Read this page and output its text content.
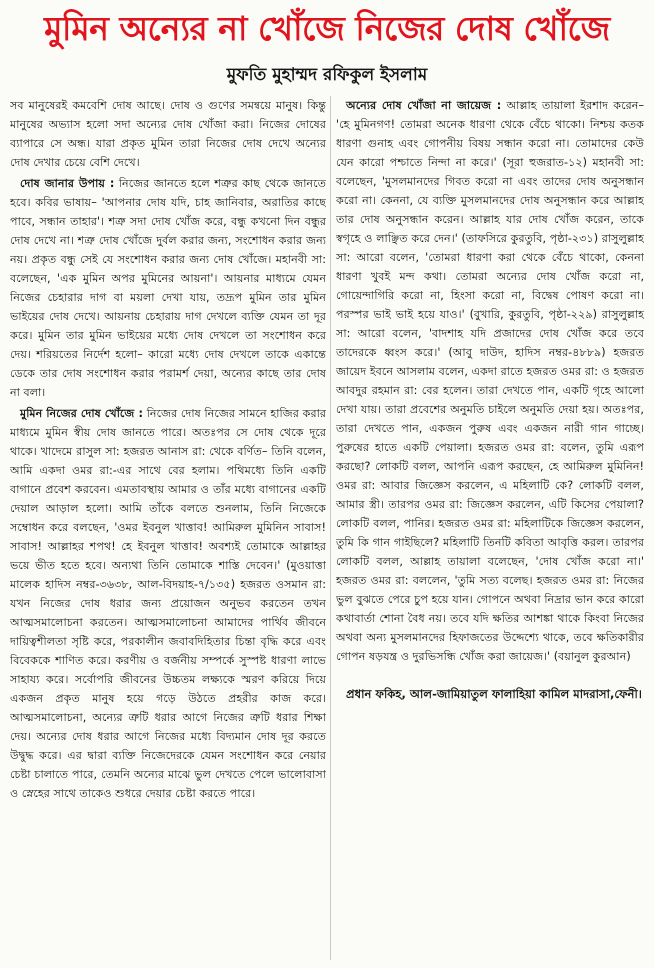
মুমিন অন্যের না খোঁজে নিজের দোষ খোঁজে
মুফতি মুহাম্মদ রফিকুল ইসলাম

সব মানুষেরই কমবেশি দোষ আছে। দোষ ও গুণের সমন্বয়ে মানুষ। কিন্তু মানুষের অভ্যাস হলো সদা অন্যের দোষ খোঁজা করা। নিজের দোষের ব্যাপারে সে অন্ধ। যারা প্রকৃত মুমিন তারা নিজের দোষ দেখে অন্যের দোষ দেখার চেয়ে বেশি দেখে।

দোষ জানার উপায় : নিজের জানতে হলে শত্রুর কাছ থেকে জানতে হবে। কবির ভাষায়– 'আপনার দোষ যদি, চাহ জানিবার, অরাতির কাছে পাবে, সন্ধান তাহার'। শত্রু সদা দোষ খোঁজ করে, বন্ধু কখনো দিন বন্ধুর দোষ দেখে না। শত্রু দোষ খোঁজে দুর্বল করার জন্য, সংশোধন করার জন্য নয়। প্রকৃত বন্ধু সেই যে সংশোধন করার জন্য দোষ খোঁজে। মহানবী সা: বলেছেন, 'এক মুমিন অপর মুমিনের আয়না'। আয়নার মাধ্যমে যেমন নিজের চেহারার দাগ বা ময়লা দেখা যায়, তদ্রূপ মুমিন তার মুমিন ভাইয়ের দোষ দেখে। আয়নায় চেহারায় দাগ দেখলে ব্যক্তি যেমন তা দূর করে। মুমিন তার মুমিন ভাইয়ের মধ্যে দোষ দেখলে তা সংশোধন করে দেয়। শরিয়তের নির্দেশ হলো– কারো মধ্যে দোষ দেখলে তাকে একান্তে ডেকে তার দোষ সংশোধন করার পরামর্শ দেয়া, অন্যের কাছে তার দোষ না বলা।

মুমিন নিজের দোষ খোঁজে : নিজের দোষ নিজের সামনে হাজির করার মাধ্যমে মুমিন স্বীয় দোষ জানতে পারে। অতঃপর সে দোষ থেকে দূরে থাকে। খাদেমে রাসুল সা: হজরত আনাস রা: থেকে বর্ণিত– তিনি বলেন, আমি একদা ওমর রা:-এর সাথে বের হলাম। পথিমধ্যে তিনি একটি বাগানে প্রবেশ করবেন। এমতাবস্থায় আমার ও তাঁর মধ্যে বাগানের একটি দেয়াল আড়াল হলো। আমি তাঁকে বলতে শুনলাম, তিনি নিজেকে সম্বোধন করে বলছেন, 'ওমর ইবনুল খাত্তাব! আমিরুল মুমিনিন সাবাস! সাবাস! আল্লাহর শপথ! হে ইবনুল খাত্তাব! অবশ্যই তোমাকে আল্লাহর ভয়ে ভীত হতে হবে। অন্যথা তিনি তোমাকে শাস্তি দেবেন।' (মুওয়াত্তা মালেক হাদিস নম্বর-৩৬৩৮, আল-বিদয়াহ-৭/১৩৫) হজরত ওসমান রা: যখন নিজের দোষ ধরার জন্য প্রয়োজন অনুভব করতেন তখন আত্মসমালোচনা করতেন। আত্মসমালোচনা আমাদের পার্থিব জীবনে দায়িত্বশীলতা সৃষ্টি করে, পরকালীন জবাবদিহিতার চিন্তা বৃদ্ধি করে এবং বিবেককে শাণিত করে। করণীয় ও বর্জনীয় সম্পর্কে সুস্পষ্ট ধারণা লাভে সাহায্য করে। সর্বোপরি জীবনের উচ্চতম লক্ষ্যকে স্মরণ করিয়ে দিয়ে একজন প্রকৃত মানুষ হয়ে গড়ে উঠতে প্রহরীর কাজ করে। আত্মসমালোচনা, অন্যের ত্রুটি ধরার আগে নিজের ত্রুটি ধরার শিক্ষা দেয়। অন্যের দোষ ধরার আগে নিজের মধ্যে বিদ্যমান দোষ দূর করতে উদ্বুদ্ধ করে। এর দ্বারা ব্যক্তি নিজেদেরকে যেমন সংশোধন করে নেয়ার চেষ্টা চালাতে পারে, তেমনি অন্যের মাঝে ভুল দেখতে পেলে ভালোবাসা ও স্নেহের সাথে তাকেও শুধরে দেয়ার চেষ্টা করতে পারে।

অন্যের দোষ খোঁজা না জায়েজ : আল্লাহ তায়ালা ইরশাদ করেন– 'হে মুমিনগণ! তোমরা অনেক ধারণা থেকে বেঁচে থাকো। নিশ্চয় কতক ধারণা গুনাহ এবং গোপনীয় বিষয় সন্ধান করো না। তোমাদের কেউ যেন কারো পশ্চাতে নিন্দা না করে।' (সূরা হুজরাত-১২) মহানবী সা: বলেছেন, 'মুসলমানদের গিবত করো না এবং তাদের দোষ অনুসন্ধান করো না। কেননা, যে ব্যক্তি মুসলমানদের দোষ অনুসন্ধান করে আল্লাহ তার দোষ অনুসন্ধান করেন। আল্লাহ যার দোষ খোঁজ করেন, তাকে স্বগৃহে ও লাঞ্ছিত করে দেন।' (তাফসিরে কুরতুবি, পৃষ্ঠা-২৩১) রাসুলুল্লাহ সা: আরো বলেন, 'তোমরা ধারণা করা থেকে বেঁচে থাকো, কেননা ধারণা খুবই মন্দ কথা। তোমরা অন্যের দোষ খোঁজ করো না, গোয়েন্দাগিরি করো না, হিংসা করো না, বিদ্বেষ পোষণ করো না। পরস্পর ভাই ভাই হয়ে যাও।' (বুখারি, কুরতুবি, পৃষ্ঠা-২২৯) রাসুলুল্লাহ সা: আরো বলেন, 'বাদশাহ যদি প্রজাদের দোষ খোঁজ করে তবে তাদেরকে ধ্বংস করে।' (আবু দাউদ, হাদিস নম্বর-৪৮৮৯) হজরত জায়েদ ইবনে আসলাম বলেন, একদা রাতে হজরত ওমর রা: ও হজরত আবদুর রহমান রা: বের হলেন। তারা দেখতে পান, একটি গৃহে আলো দেখা যায়। তারা প্রবেশের অনুমতি চাইলে অনুমতি দেয়া হয়। অতঃপর, তারা দেখতে পান, একজন পুরুষ এবং একজন নারী গান গাচ্ছে। পুরুষের হাতে একটি পেয়ালা। হজরত ওমর রা: বলেন, তুমি এরূপ করছো? লোকটি বলল, আপনি এরূপ করছেন, হে আমিরুল মুমিনিন! ওমর রা: আবার জিজ্ঞেস করলেন, এ মহিলাটি কে? লোকটি বলল, আমার স্ত্রী। তারপর ওমর রা: জিজ্ঞেস করলেন, এটি কিসের পেয়ালা? লোকটি বলল, পানির। হজরত ওমর রা: মহিলাটিকে জিজ্ঞেস করলেন, তুমি কি গান গাইছিলে? মহিলাটি তিনটি কবিতা আবৃত্তি করল। তারপর লোকটি বলল, আল্লাহ তায়ালা বলেছেন, 'দোষ খোঁজ করো না।' হজরত ওমর রা: বললেন, 'তুমি সত্য বলেছ। হজরত ওমর রা: নিজের ভুল বুঝতে পেরে চুপ হয়ে যান। গোপনে অথবা নিদ্রার ভান করে কারো কথাবার্তা শোনা বৈধ নয়। তবে যদি ক্ষতির আশঙ্কা থাকে কিংবা নিজের অথবা অন্য মুসলমানদের হিফাজতের উদ্দেশ্যে থাকে, তবে ক্ষতিকারীর গোপন ষড়যন্ত্র ও দুরভিসন্ধি খোঁজ করা জায়েজ।' (বয়ানুল কুরআন)

প্রধান ফকিহ, আল-জামিয়াতুল ফালাহিয়া কামিল মাদরাসা,ফেনী।
